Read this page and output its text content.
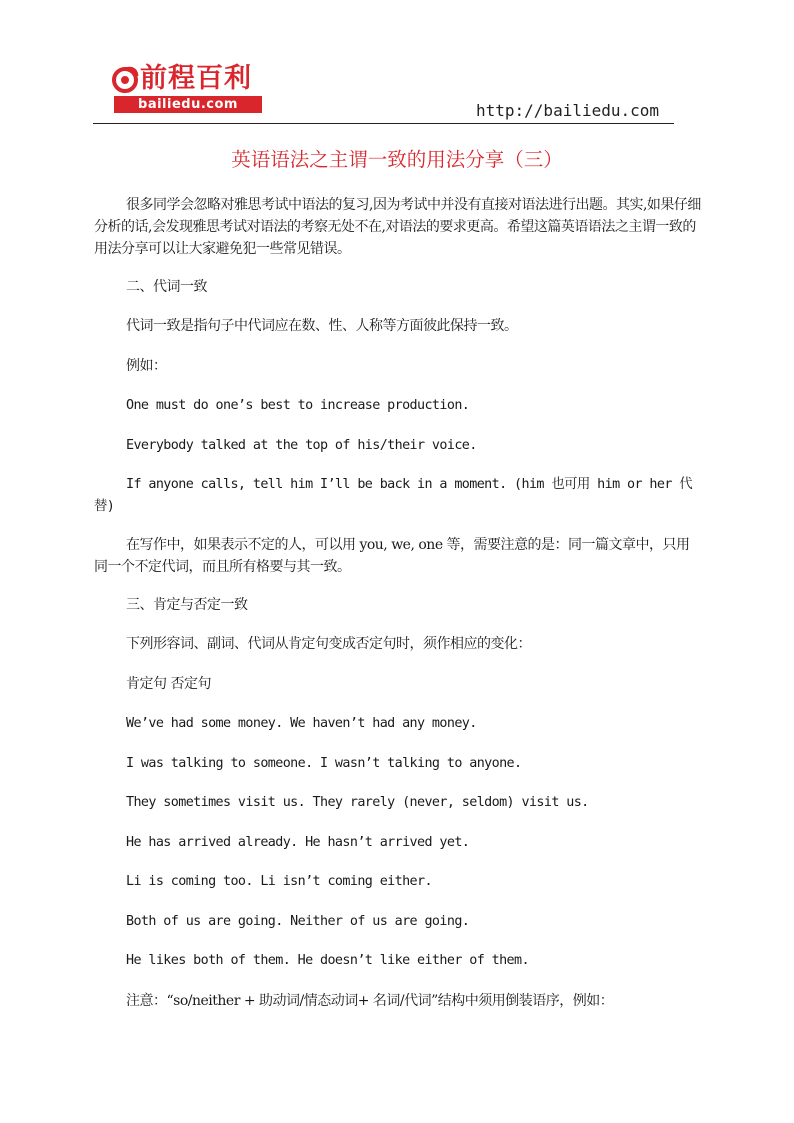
前程百利
bailiedu.com	http://bailiedu.com
英语语法之主谓一致的用法分享（三）
很多同学会忽略对雅思考试中语法的复习,因为考试中并没有直接对语法进行出题。其实,如果仔细分析的话,会发现雅思考试对语法的考察无处不在,对语法的要求更高。希望这篇英语语法之主谓一致的用法分享可以让大家避免犯一些常见错误。
二、代词一致
代词一致是指句子中代词应在数、性、人称等方面彼此保持一致。
例如：
One must do one’s best to increase production.
Everybody talked at the top of his/their voice.
If anyone calls, tell him I’ll be back in a moment. (him 也可用 him or her 代替)
在写作中，如果表示不定的人，可以用 you, we, one 等，需要注意的是：同一篇文章中，只用同一个不定代词，而且所有格要与其一致。
三、肯定与否定一致
下列形容词、副词、代词从肯定句变成否定句时，须作相应的变化：
肯定句 否定句
We’ve had some money. We haven’t had any money.
I was talking to someone. I wasn’t talking to anyone.
They sometimes visit us. They rarely (never, seldom) visit us.
He has arrived already. He hasn’t arrived yet.
Li is coming too. Li isn’t coming either.
Both of us are going. Neither of us are going.
He likes both of them. He doesn’t like either of them.
注意：“so/neither + 助动词/情态动词+ 名词/代词”结构中须用倒装语序，例如：
